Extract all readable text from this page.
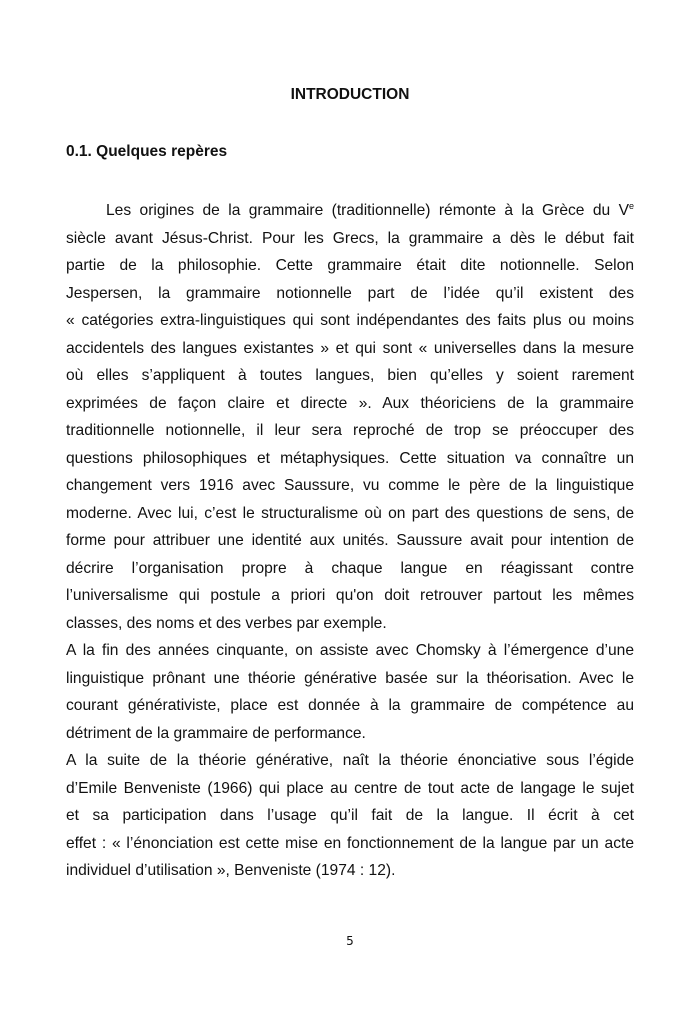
INTRODUCTION
0.1. Quelques repères
Les origines de la grammaire (traditionnelle) rémonte à la Grèce du Ve
siècle avant Jésus-Christ. Pour les Grecs, la grammaire a dès le début fait
partie de la philosophie. Cette grammaire était dite notionnelle. Selon
Jespersen, la grammaire notionnelle part de l’idée qu’il existent des
« catégories extra-linguistiques qui sont indépendantes des faits plus ou moins
accidentels des langues existantes » et qui sont « universelles dans la mesure
où elles s’appliquent à toutes langues, bien qu’elles y soient rarement
exprimées de façon claire et directe ». Aux théoriciens de la grammaire
traditionnelle notionnelle, il leur sera reproché de trop se préoccuper des
questions philosophiques et métaphysiques. Cette situation va connaître un
changement vers 1916 avec Saussure, vu comme le père de la linguistique
moderne. Avec lui, c’est le structuralisme où on part des questions de sens, de
forme pour attribuer une identité aux unités. Saussure avait pour intention de
décrire l’organisation propre à chaque langue en réagissant contre
l’universalisme qui postule a priori qu'on doit retrouver partout les mêmes
classes, des noms et des verbes par exemple.
A la fin des années cinquante, on assiste avec Chomsky à l’émergence d’une
linguistique prônant une théorie générative basée sur la théorisation. Avec le
courant générativiste, place est donnée à la grammaire de compétence au
détriment de la grammaire de performance.
A la suite de la théorie générative, naît la théorie énonciative sous l’égide
d’Emile Benveniste (1966) qui place au centre de tout acte de langage le sujet
et sa participation dans l’usage qu’il fait de la langue. Il écrit à cet
effet : « l’énonciation est cette mise en fonctionnement de la langue par un acte
individuel d’utilisation », Benveniste (1974 : 12).
5
